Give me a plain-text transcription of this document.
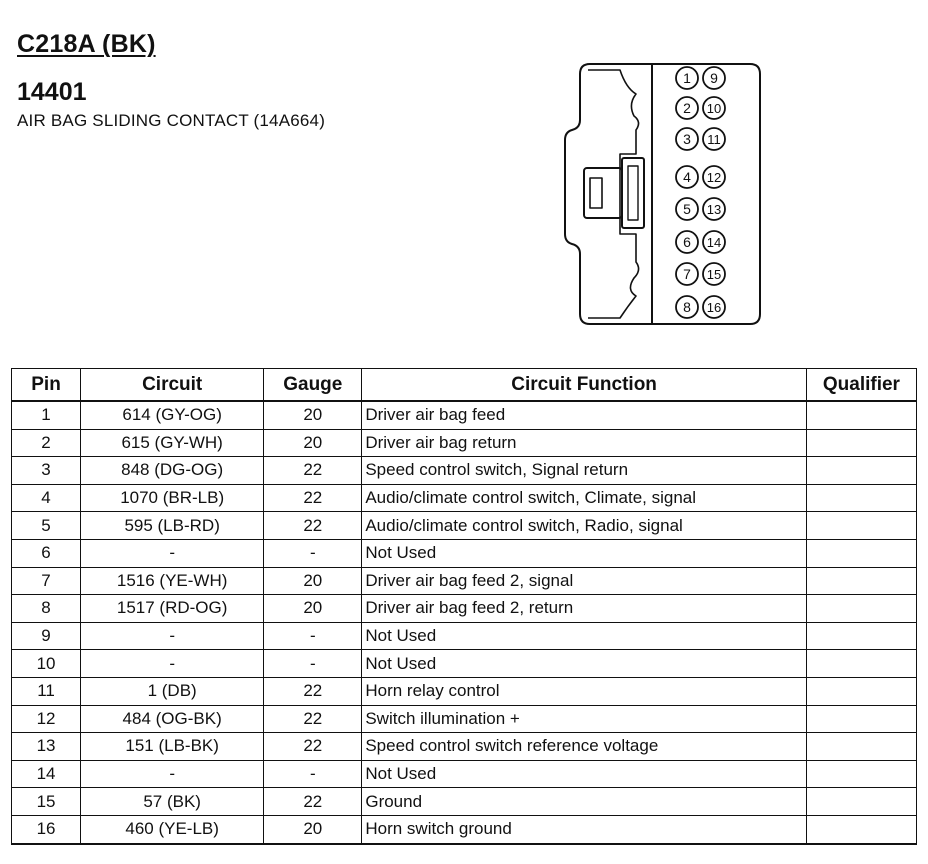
C218A (BK)
14401
AIR BAG SLIDING CONTACT (14A664)
1
2
3
4
5
6
7
8
9
10
11
12
13
14
15
16
Pin	Circuit	Gauge	Circuit Function	Qualifier
1	614 (GY-OG)	20	Driver air bag feed	
2	615 (GY-WH)	20	Driver air bag return	
3	848 (DG-OG)	22	Speed control switch, Signal return	
4	1070 (BR-LB)	22	Audio/climate control switch, Climate, signal	
5	595 (LB-RD)	22	Audio/climate control switch, Radio, signal	
6	-	-	Not Used	
7	1516 (YE-WH)	20	Driver air bag feed 2, signal	
8	1517 (RD-OG)	20	Driver air bag feed 2, return	
9	-	-	Not Used	
10	-	-	Not Used	
11	1 (DB)	22	Horn relay control	
12	484 (OG-BK)	22	Switch illumination +	
13	151 (LB-BK)	22	Speed control switch reference voltage	
14	-	-	Not Used	
15	57 (BK)	22	Ground	
16	460 (YE-LB)	20	Horn switch ground	
